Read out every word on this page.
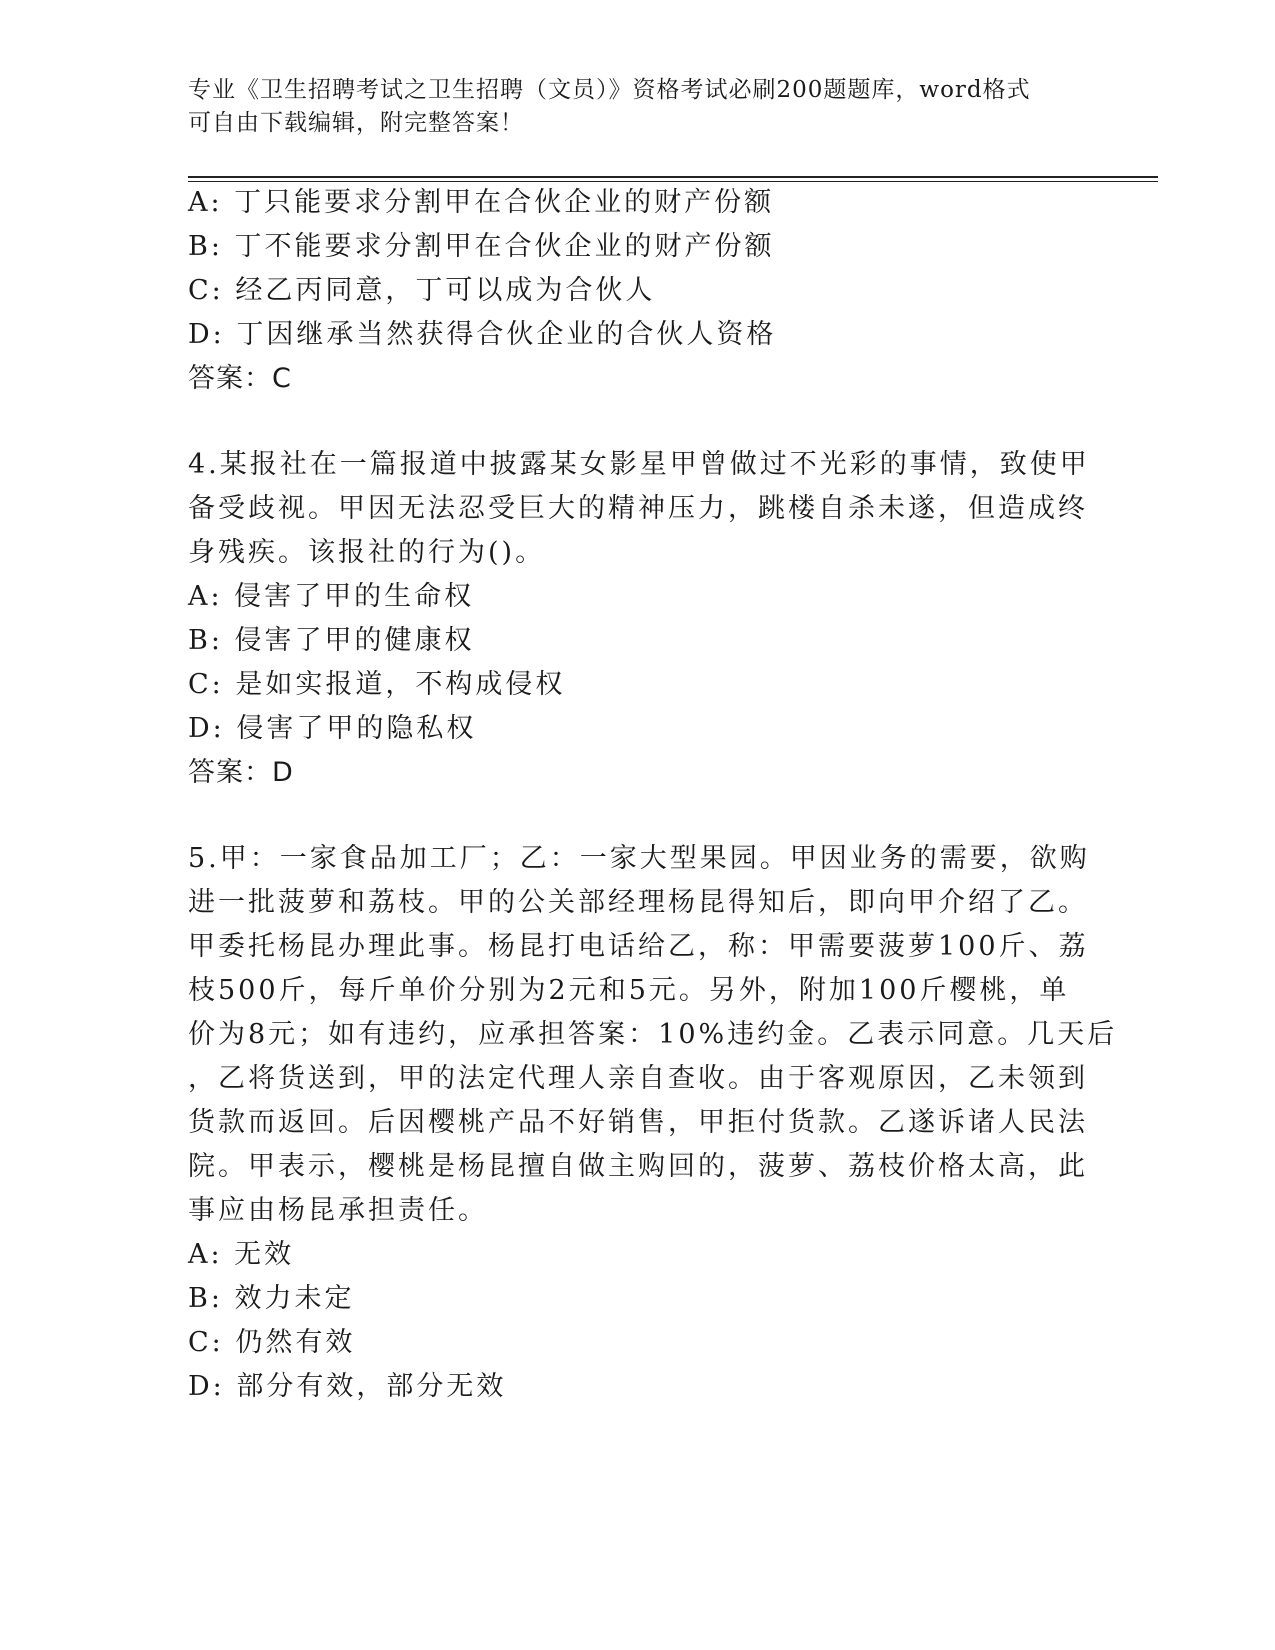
专业《卫生招聘考试之卫生招聘（文员）》资格考试必刷200题题库，word格式
可自由下载编辑，附完整答案！
A: 丁只能要求分割甲在合伙企业的财产份额
B: 丁不能要求分割甲在合伙企业的财产份额
C: 经乙丙同意，丁可以成为合伙人
D: 丁因继承当然获得合伙企业的合伙人资格
答案：C
4.某报社在一篇报道中披露某女影星甲曾做过不光彩的事情，致使甲
备受歧视。甲因无法忍受巨大的精神压力，跳楼自杀未遂，但造成终
身残疾。该报社的行为()。
A: 侵害了甲的生命权
B: 侵害了甲的健康权
C: 是如实报道，不构成侵权
D: 侵害了甲的隐私权
答案：D
5.甲：一家食品加工厂；乙：一家大型果园。甲因业务的需要，欲购
进一批菠萝和荔枝。甲的公关部经理杨昆得知后，即向甲介绍了乙。
甲委托杨昆办理此事。杨昆打电话给乙，称：甲需要菠萝100斤、荔
枝500斤，每斤单价分别为2元和5元。另外，附加100斤樱桃，单
价为8元；如有违约，应承担答案：10%违约金。乙表示同意。几天后
，乙将货送到，甲的法定代理人亲自查收。由于客观原因，乙未领到
货款而返回。后因樱桃产品不好销售，甲拒付货款。乙遂诉诸人民法
院。甲表示，樱桃是杨昆擅自做主购回的，菠萝、荔枝价格太高，此
事应由杨昆承担责任。
A: 无效
B: 效力未定
C: 仍然有效
D: 部分有效，部分无效
